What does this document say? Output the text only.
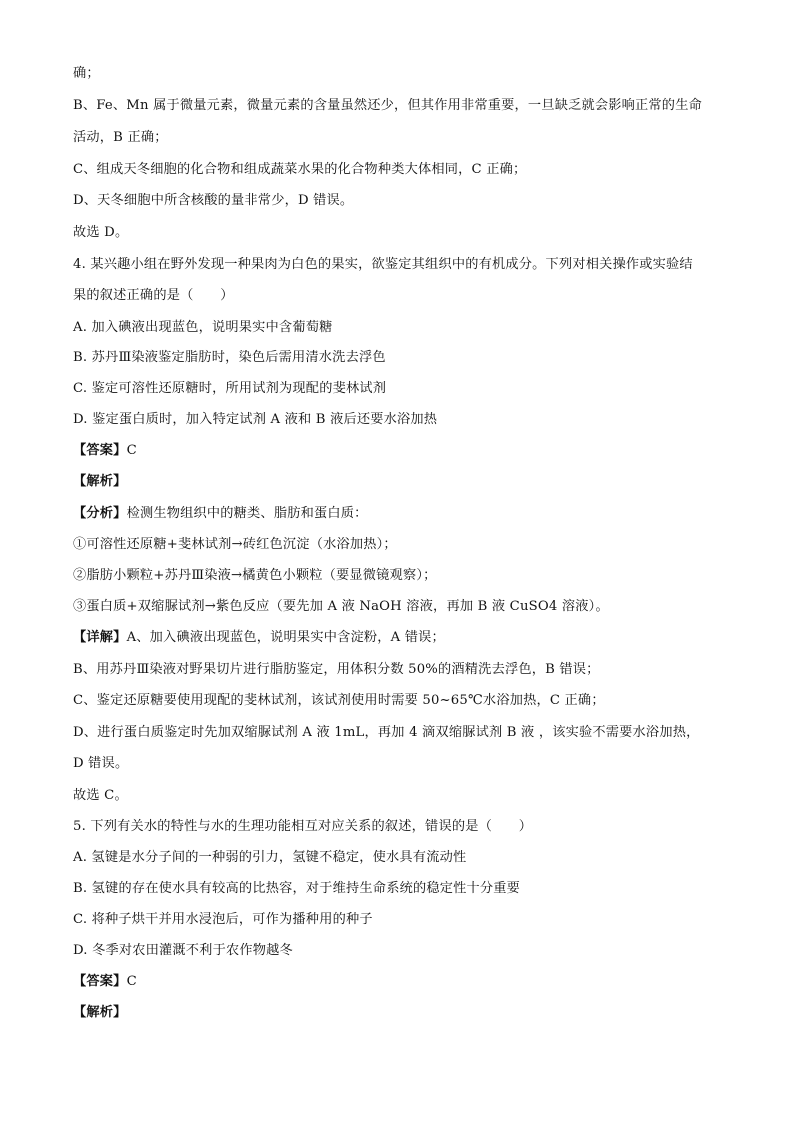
确；
B、Fe、Mn 属于微量元素，微量元素的含量虽然还少，但其作用非常重要，一旦缺乏就会影响正常的生命
活动，B 正确；
C、组成天冬细胞的化合物和组成蔬菜水果的化合物种类大体相同，C 正确；
D、天冬细胞中所含核酸的量非常少，D 错误。
故选 D。
4. 某兴趣小组在野外发现一种果肉为白色的果实，欲鉴定其组织中的有机成分。下列对相关操作或实验结
果的叙述正确的是（　　）
A. 加入碘液出现蓝色，说明果实中含葡萄糖
B. 苏丹Ⅲ染液鉴定脂肪时，染色后需用清水洗去浮色
C. 鉴定可溶性还原糖时，所用试剂为现配的斐林试剂
D. 鉴定蛋白质时，加入特定试剂 A 液和 B 液后还要水浴加热
【答案】C
【解析】
【分析】检测生物组织中的糖类、脂肪和蛋白质：
①可溶性还原糖+斐林试剂→砖红色沉淀（水浴加热）；
②脂肪小颗粒+苏丹Ⅲ染液→橘黄色小颗粒（要显微镜观察）；
③蛋白质+双缩脲试剂→紫色反应（要先加 A 液 NaOH 溶液，再加 B 液 CuSO4 溶液）。
【详解】A、加入碘液出现蓝色，说明果实中含淀粉，A 错误；
B、用苏丹Ⅲ染液对野果切片进行脂肪鉴定，用体积分数 50%的酒精洗去浮色，B 错误；
C、鉴定还原糖要使用现配的斐林试剂，该试剂使用时需要 50~65℃水浴加热，C 正确；
D、进行蛋白质鉴定时先加双缩脲试剂 A 液 1mL，再加 4 滴双缩脲试剂 B 液 ，该实验不需要水浴加热，
D 错误。
故选 C。
5. 下列有关水的特性与水的生理功能相互对应关系的叙述，错误的是（　　）
A. 氢键是水分子间的一种弱的引力，氢键不稳定，使水具有流动性
B. 氢键的存在使水具有较高的比热容，对于维持生命系统的稳定性十分重要
C. 将种子烘干并用水浸泡后，可作为播种用的种子
D. 冬季对农田灌溉不利于农作物越冬
【答案】C
【解析】
